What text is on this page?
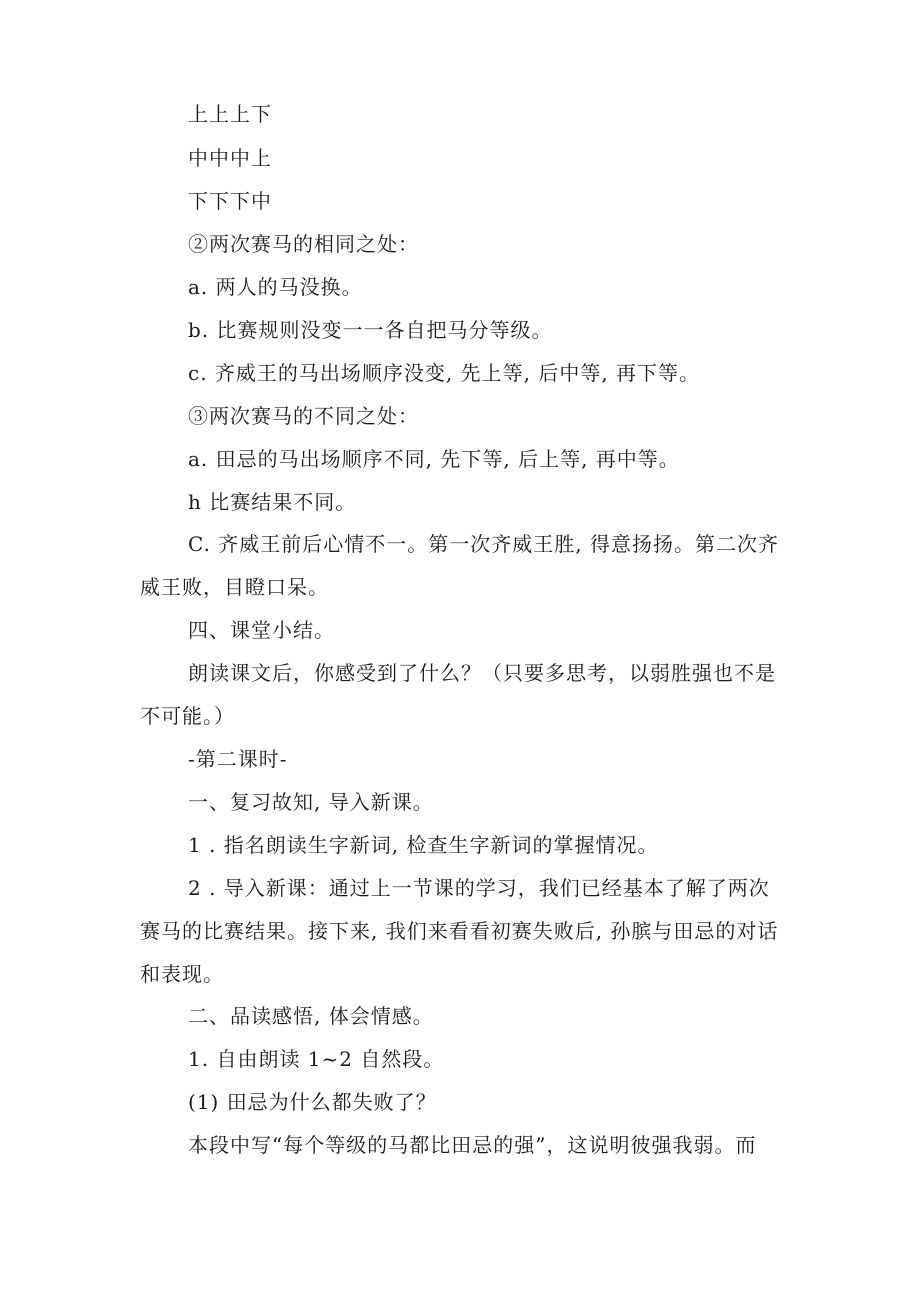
上上上下
中中中上
下下下中
②两次赛马的相同之处：
a. 两人的马没换。
b. 比赛规则没变一一各自把马分等级。
c. 齐威王的马出场顺序没变, 先上等, 后中等, 再下等。
③两次赛马的不同之处：
a. 田忌的马出场顺序不同, 先下等, 后上等, 再中等。
h 比赛结果不同。
C. 齐威王前后心情不一。第一次齐威王胜, 得意扬扬。第二次齐
威王败，目瞪口呆。
四、课堂小结。
朗读课文后，你感受到了什么？（只要多思考，以弱胜强也不是
不可能。）
-第二课时-
一、复习故知, 导入新课。
1 . 指名朗读生字新词, 检查生字新词的掌握情况。
2 . 导入新课：通过上一节课的学习，我们已经基本了解了两次
赛马的比赛结果。接下来, 我们来看看初赛失败后, 孙膑与田忌的对话
和表现。
二、品读感悟, 体会情感。
1. 自由朗读 1~2 自然段。
(1) 田忌为什么都失败了？
本段中写“每个等级的马都比田忌的强”，这说明彼强我弱。而
